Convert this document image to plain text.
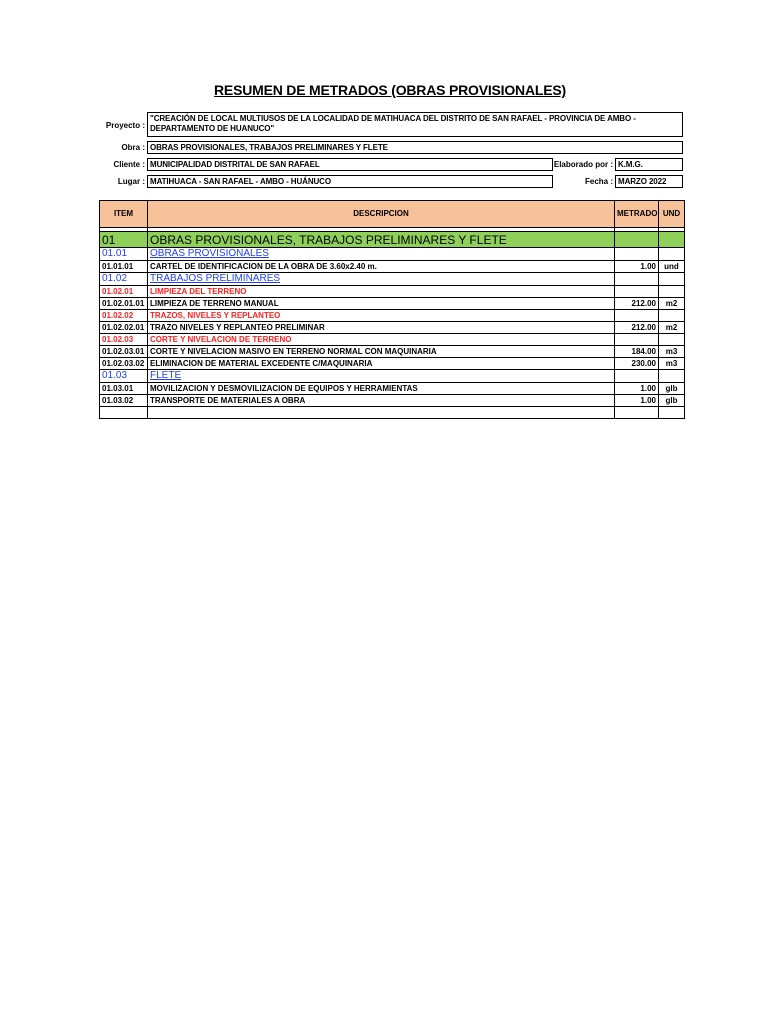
RESUMEN DE METRADOS (OBRAS PROVISIONALES)
Proyecto :
"CREACIÓN DE LOCAL MULTIUSOS DE LA LOCALIDAD DE MATIHUACA DEL DISTRITO DE SAN RAFAEL - PROVINCIA DE AMBO - DEPARTAMENTO DE HUANUCO"
Obra : OBRAS PROVISIONALES, TRABAJOS PRELIMINARES Y FLETE
Cliente : MUNICIPALIDAD DISTRITAL DE SAN RAFAEL	Elaborado por : K.M.G.
Lugar : MATIHUACA - SAN RAFAEL - AMBO - HUÁNUCO	Fecha : MARZO 2022
ITEM	DESCRIPCION	METRADO	UND

01	OBRAS PROVISIONALES, TRABAJOS PRELIMINARES Y FLETE		
01.01	OBRAS PROVISIONALES		
01.01.01	CARTEL DE IDENTIFICACION DE LA OBRA DE 3.60x2.40 m.	1.00	und
01.02	TRABAJOS PRELIMINARES		
01.02.01	LIMPIEZA DEL TERRENO		
01.02.01.01	LIMPIEZA DE TERRENO MANUAL	212.00	m2
01.02.02	TRAZOS, NIVELES Y REPLANTEO		
01.02.02.01	TRAZO NIVELES Y REPLANTEO PRELIMINAR	212.00	m2
01.02.03	CORTE Y NIVELACION DE TERRENO		
01.02.03.01	CORTE Y NIVELACION MASIVO EN TERRENO NORMAL CON MAQUINARIA	184.00	m3
01.02.03.02	ELIMINACION DE MATERIAL EXCEDENTE C/MAQUINARIA	230.00	m3
01.03	FLETE		
01.03.01	MOVILIZACION Y DESMOVILIZACION DE EQUIPOS Y HERRAMIENTAS	1.00	glb
01.03.02	TRANSPORTE DE MATERIALES A OBRA	1.00	glb
